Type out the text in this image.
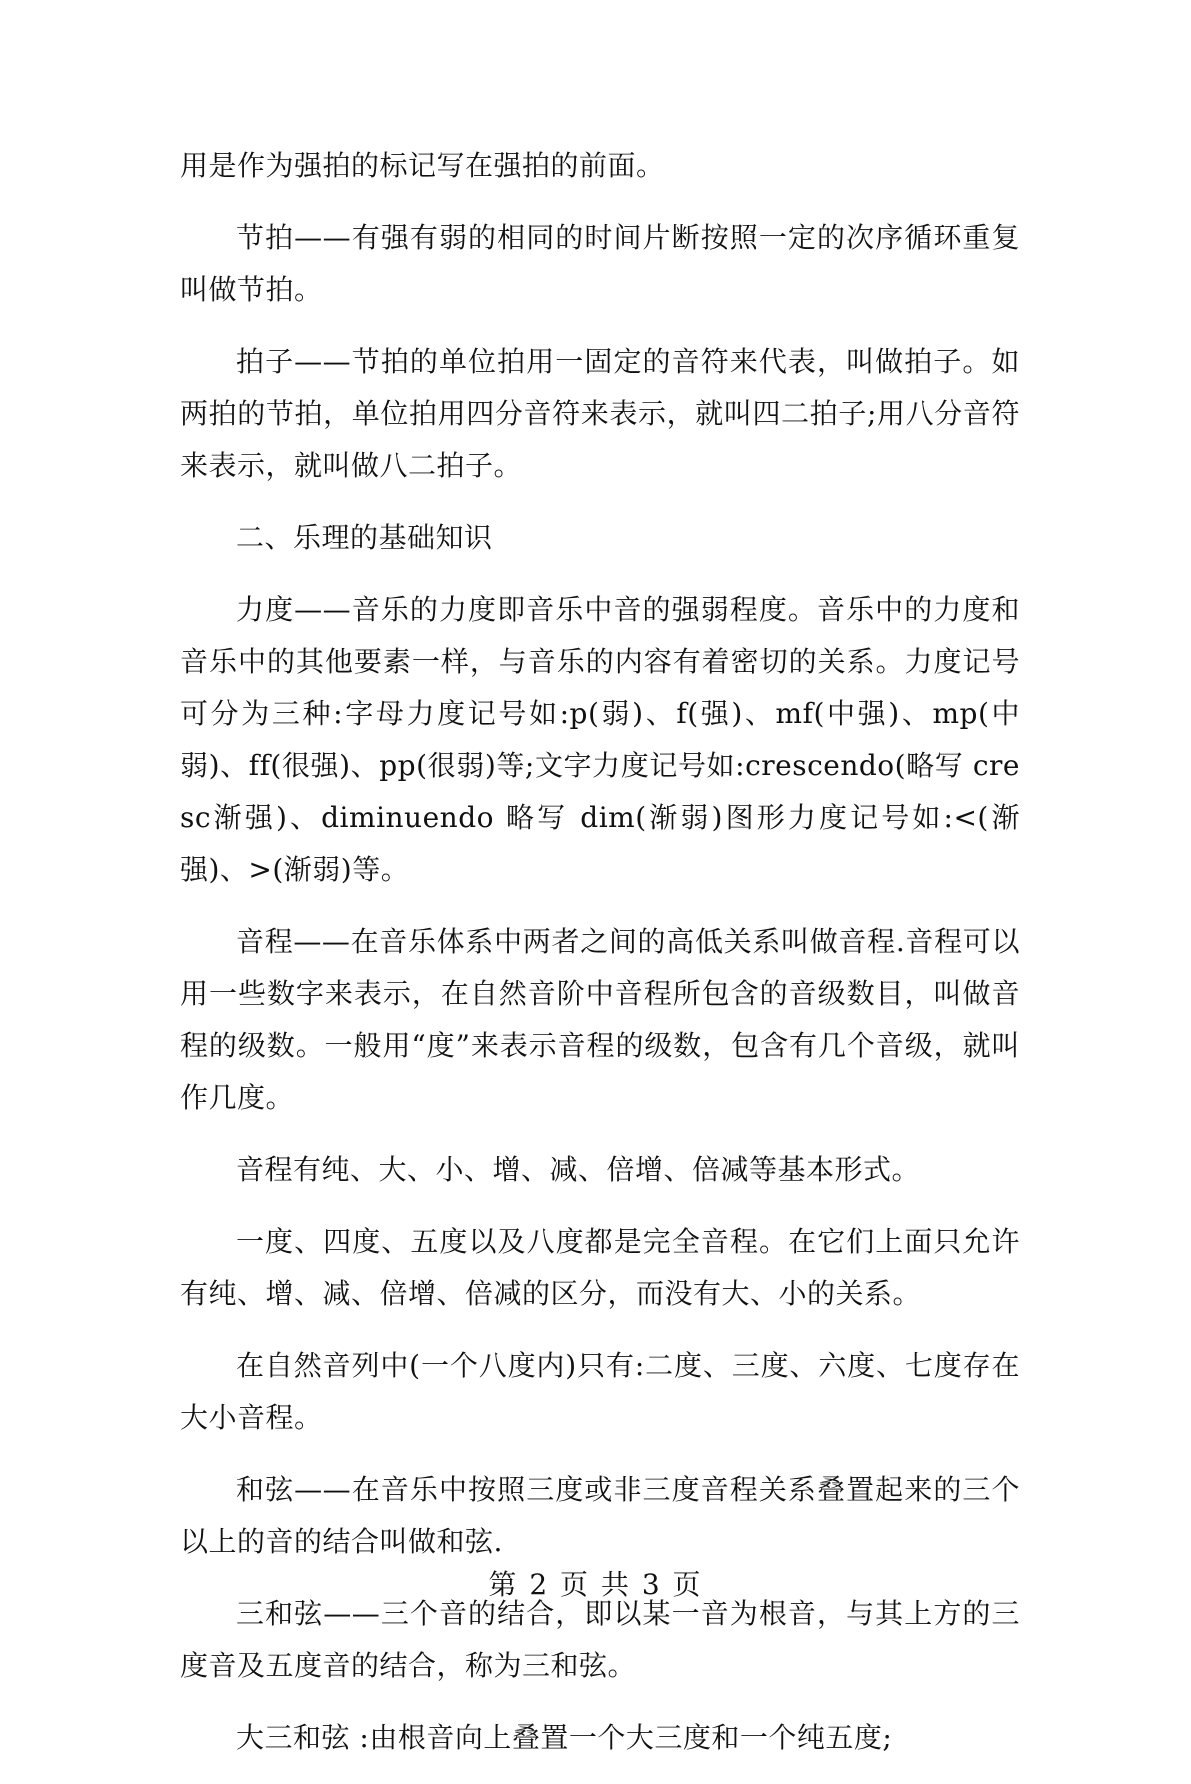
用是作为强拍的标记写在强拍的前面。

节拍——有强有弱的相同的时间片断按照一定的次序循环重复叫做节拍。

拍子——节拍的单位拍用一固定的音符来代表，叫做拍子。如两拍的节拍，单位拍用四分音符来表示，就叫四二拍子;用八分音符来表示，就叫做八二拍子。

二、乐理的基础知识

力度——音乐的力度即音乐中音的强弱程度。音乐中的力度和音乐中的其他要素一样，与音乐的内容有着密切的关系。力度记号可分为三种:字母力度记号如:p(弱)、f(强)、mf(中强)、mp(中弱)、ff(很强)、pp(很弱)等;文字力度记号如:crescendo(略写 cresc渐强)、diminuendo 略写 dim(渐弱)图形力度记号如:<(渐强)、>(渐弱)等。

音程——在音乐体系中两者之间的高低关系叫做音程.音程可以用一些数字来表示，在自然音阶中音程所包含的音级数目，叫做音程的级数。一般用“度”来表示音程的级数，包含有几个音级，就叫作几度。

音程有纯、大、小、增、减、倍增、倍减等基本形式。

一度、四度、五度以及八度都是完全音程。在它们上面只允许有纯、增、减、倍增、倍减的区分，而没有大、小的关系。

在自然音列中(一个八度内)只有:二度、三度、六度、七度存在大小音程。

和弦——在音乐中按照三度或非三度音程关系叠置起来的三个以上的音的结合叫做和弦.

三和弦——三个音的结合，即以某一音为根音，与其上方的三度音及五度音的结合，称为三和弦。

大三和弦 :由根音向上叠置一个大三度和一个纯五度;

第 2 页 共 3 页
